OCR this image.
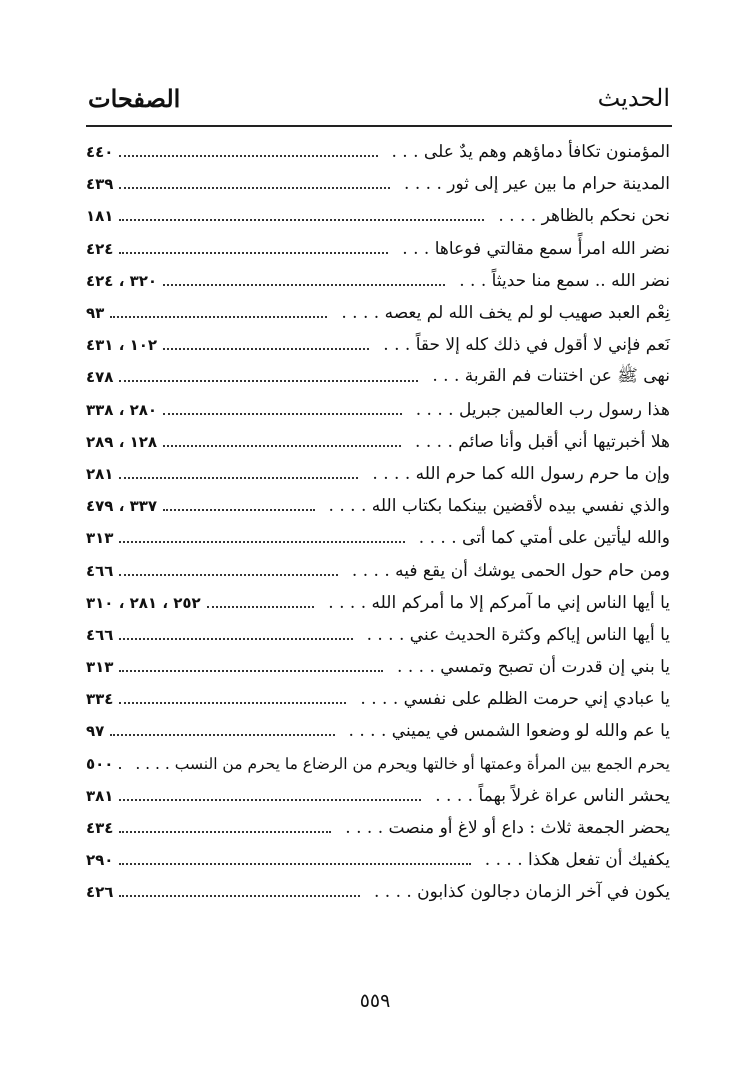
الحديث
الصفحات
المؤمنون تكافأ دماؤهم وهم يدٌ على . . .
٤٤٠
المدينة حرام ما بين عير إلى ثور . . . .
٤٣٩
نحن نحكم بالظاهر . . . .
١٨١
نضر الله امرأً سمع مقالتي فوعاها . . .
٤٢٤
نضر الله .. سمع منا حديثاً . . .
٣٢٠ ، ٤٢٤
نِعْم العبد صهيب لو لم يخف الله لم يعصه . . . .
٩٣
نَعم فإني لا أقول في ذلك كله إلا حقاً . . .
١٠٢ ، ٤٣١
نهى ﷺ عن اختنات فم القربة . . .
٤٧٨
هذا رسول رب العالمين جبريل . . . .
٢٨٠ ، ٣٣٨
هلا أخبرتيها أني أقبل وأنا صائم . . . .
١٢٨ ، ٢٨٩
وإن ما حرم رسول الله كما حرم الله . . . .
٢٨١
والذي نفسي بيده لأقضين بينكما بكتاب الله . . . .
٣٣٧ ، ٤٧٩
والله ليأتين على أمتي كما أتى . . . .
٣١٣
ومن حام حول الحمى يوشك أن يقع فيه . . . .
٤٦٦
يا أيها الناس إني ما آمركم إلا ما أمركم الله . . . .
٢٥٢ ، ٢٨١ ، ٣١٠
يا أيها الناس إياكم وكثرة الحديث عني . . . .
٤٦٦
يا بني إن قدرت أن تصبح وتمسي . . . .
٣١٣
يا عبادي إني حرمت الظلم على نفسي . . . .
٣٣٤
يا عم والله لو وضعوا الشمس في يميني . . . .
٩٧
يحرم الجمع بين المرأة وعمتها أو خالتها ويحرم من الرضاع ما يحرم من النسب . . . .
٥٠٠
يحشر الناس عراة غرلاً بهماً . . . .
٣٨١
يحضر الجمعة ثلاث : داع أو لاغ أو منصت . . . .
٤٣٤
يكفيك أن تفعل هكذا . . . .
٢٩٠
يكون في آخر الزمان دجالون كذابون . . . .
٤٢٦
٥٥٩
